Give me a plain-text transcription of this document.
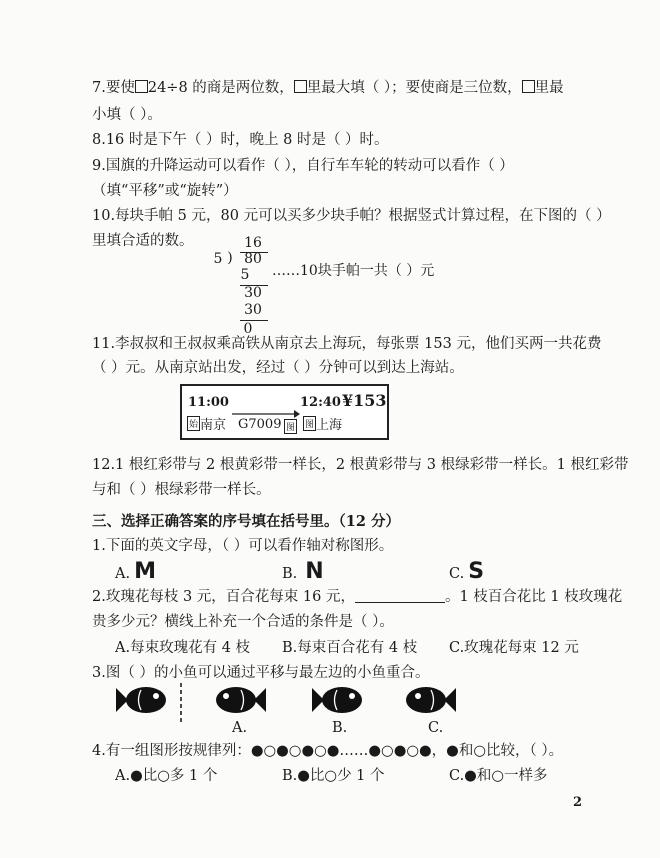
7.要使 24÷8 的商是两位数， 里最大填（ ）；要使商是三位数， 里最
小填（ ）。
8.16 时是下午（ ）时，晚上 8 时是（ ）时。
9.国旗的升降运动可以看作（ ），自行车车轮的转动可以看作（ ）
（填“平移”或“旋转”）
10.每块手帕 5 元，80 元可以买多少块手帕？根据竖式计算过程，在下图的（ ）
里填合适的数。	16
5 ) 80
5
30
30
0
……10块手帕一共（ ）元
11.李叔叔和王叔叔乘高铁从南京去上海玩，每张票 153 元，他们买两一共花费
（ ）元。从南京站出发，经过（ ）分钟可以到达上海站。
11:00	12:40 ¥153
始 南京 G7009 图 图 上海
12.1 根红彩带与 2 根黄彩带一样长，2 根黄彩带与 3 根绿彩带一样长。1 根红彩带
与和（ ）根绿彩带一样长。
三、选择正确答案的序号填在括号里。（12 分）
1.下面的英文字母，（ ）可以看作轴对称图形。
A. M	B. N	C. S
2.玫瑰花每枝 3 元，百合花每束 16 元，	。1 枝百合花比 1 枝玫瑰花
贵多少元？横线上补充一个合适的条件是（ ）。
A.每束玫瑰花有 4 枝 B.每束百合花有 4 枝 C.玫瑰花每束 12 元
3.图（ ）的小鱼可以通过平移与最左边的小鱼重合。
A.	B.	C.
4.有一组图形按规律列：●○●○●○●……●○●○●，●和○比较，（ ）。
A.●比○多 1 个	B.●比○少 1 个	C.●和○一样多
2
